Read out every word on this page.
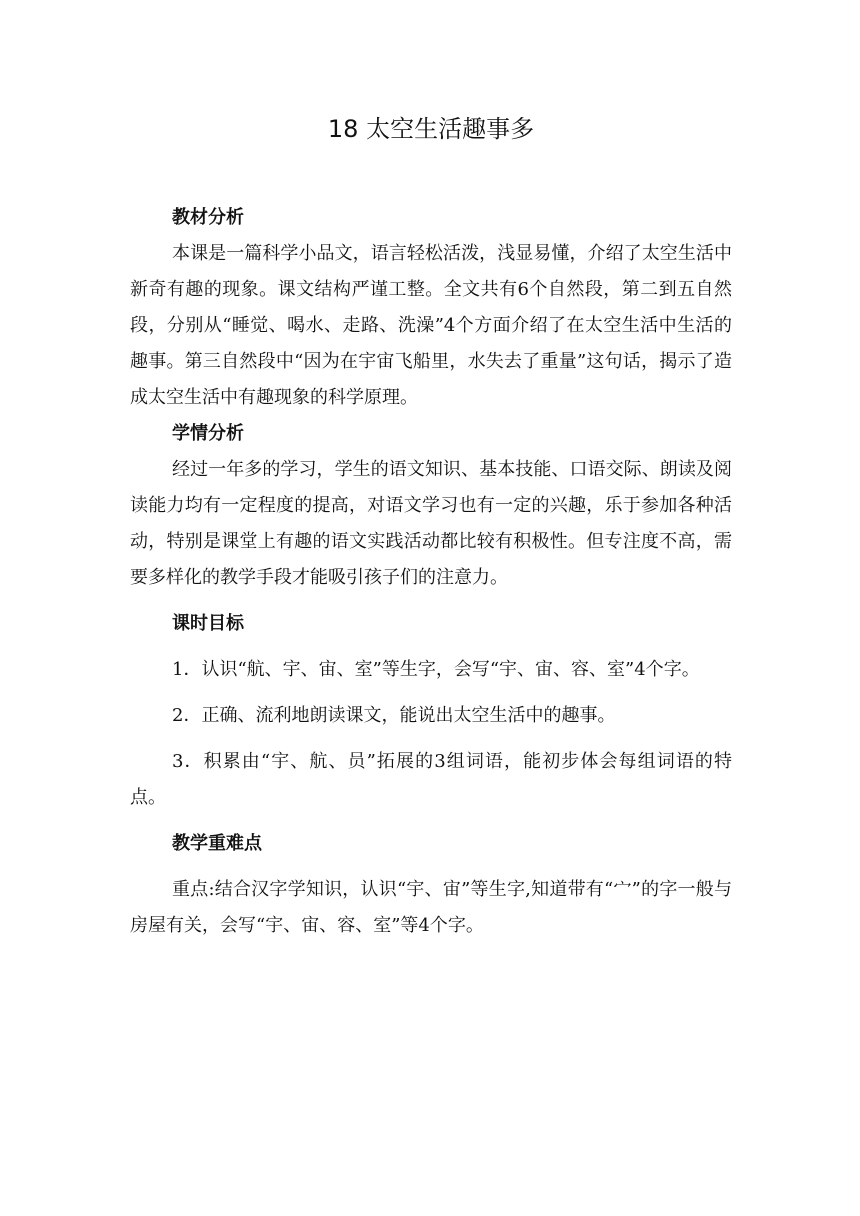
18 太空生活趣事多
教材分析

本课是一篇科学小品文，语言轻松活泼，浅显易懂，介绍了太空生活中新奇有趣的现象。课文结构严谨工整。全文共有6个自然段，第二到五自然段，分别从“睡觉、喝水、走路、洗澡”4个方面介绍了在太空生活中生活的趣事。第三自然段中“因为在宇宙飞船里，水失去了重量”这句话，揭示了造成太空生活中有趣现象的科学原理。

学情分析

经过一年多的学习，学生的语文知识、基本技能、口语交际、朗读及阅读能力均有一定程度的提高，对语文学习也有一定的兴趣，乐于参加各种活动，特别是课堂上有趣的语文实践活动都比较有积极性。但专注度不高，需要多样化的教学手段才能吸引孩子们的注意力。

课时目标

1．认识“航、宇、宙、室”等生字，会写“宇、宙、容、室”4个字。

2．正确、流利地朗读课文，能说出太空生活中的趣事。

3．积累由“宇、航、员”拓展的3组词语，能初步体会每组词语的特点。

教学重难点

重点:结合汉字学知识，认识“宇、宙”等生字,知道带有“宀”的字一般与房屋有关，会写“宇、宙、容、室”等4个字。
